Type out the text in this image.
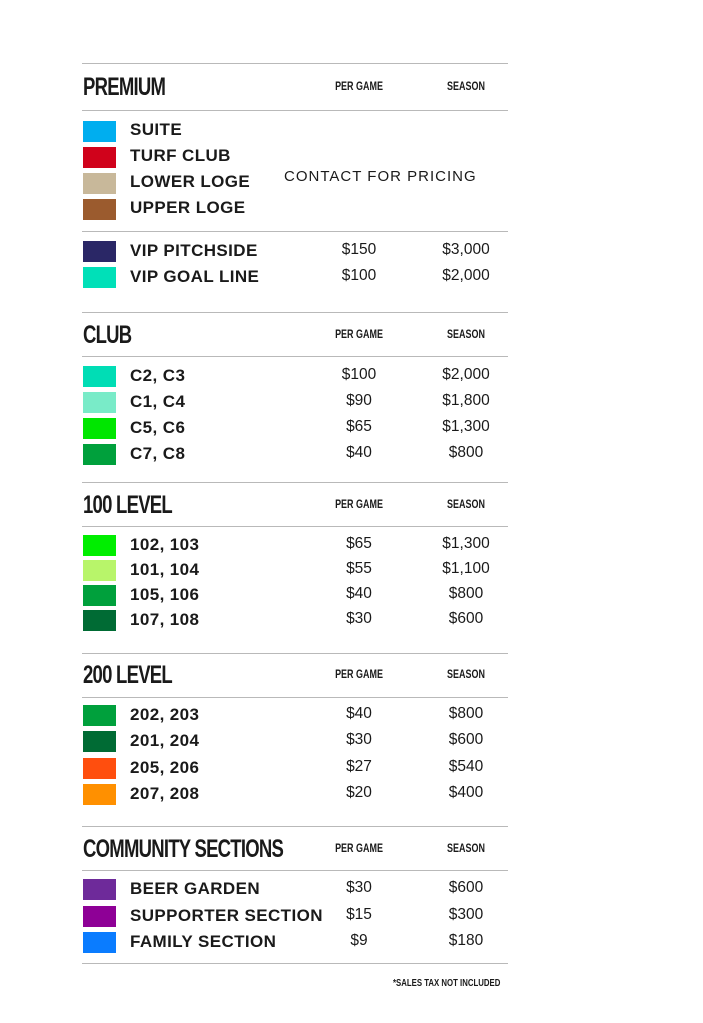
PREMIUM	PER GAME	SEASON
SUITE
TURF CLUB
LOWER LOGE
UPPER LOGE
CONTACT FOR PRICING
VIP PITCHSIDE	$150	$3,000
VIP GOAL LINE	$100	$2,000
CLUB	PER GAME	SEASON
C2, C3	$100	$2,000
C1, C4	$90	$1,800
C5, C6	$65	$1,300
C7, C8	$40	$800
100 LEVEL	PER GAME	SEASON
102, 103	$65	$1,300
101, 104	$55	$1,100
105, 106	$40	$800
107, 108	$30	$600
200 LEVEL	PER GAME	SEASON
202, 203	$40	$800
201, 204	$30	$600
205, 206	$27	$540
207, 208	$20	$400
COMMUNITY SECTIONS	PER GAME	SEASON
BEER GARDEN	$30	$600
SUPPORTER SECTION	$15	$300
FAMILY SECTION	$9	$180
*SALES TAX NOT INCLUDED
